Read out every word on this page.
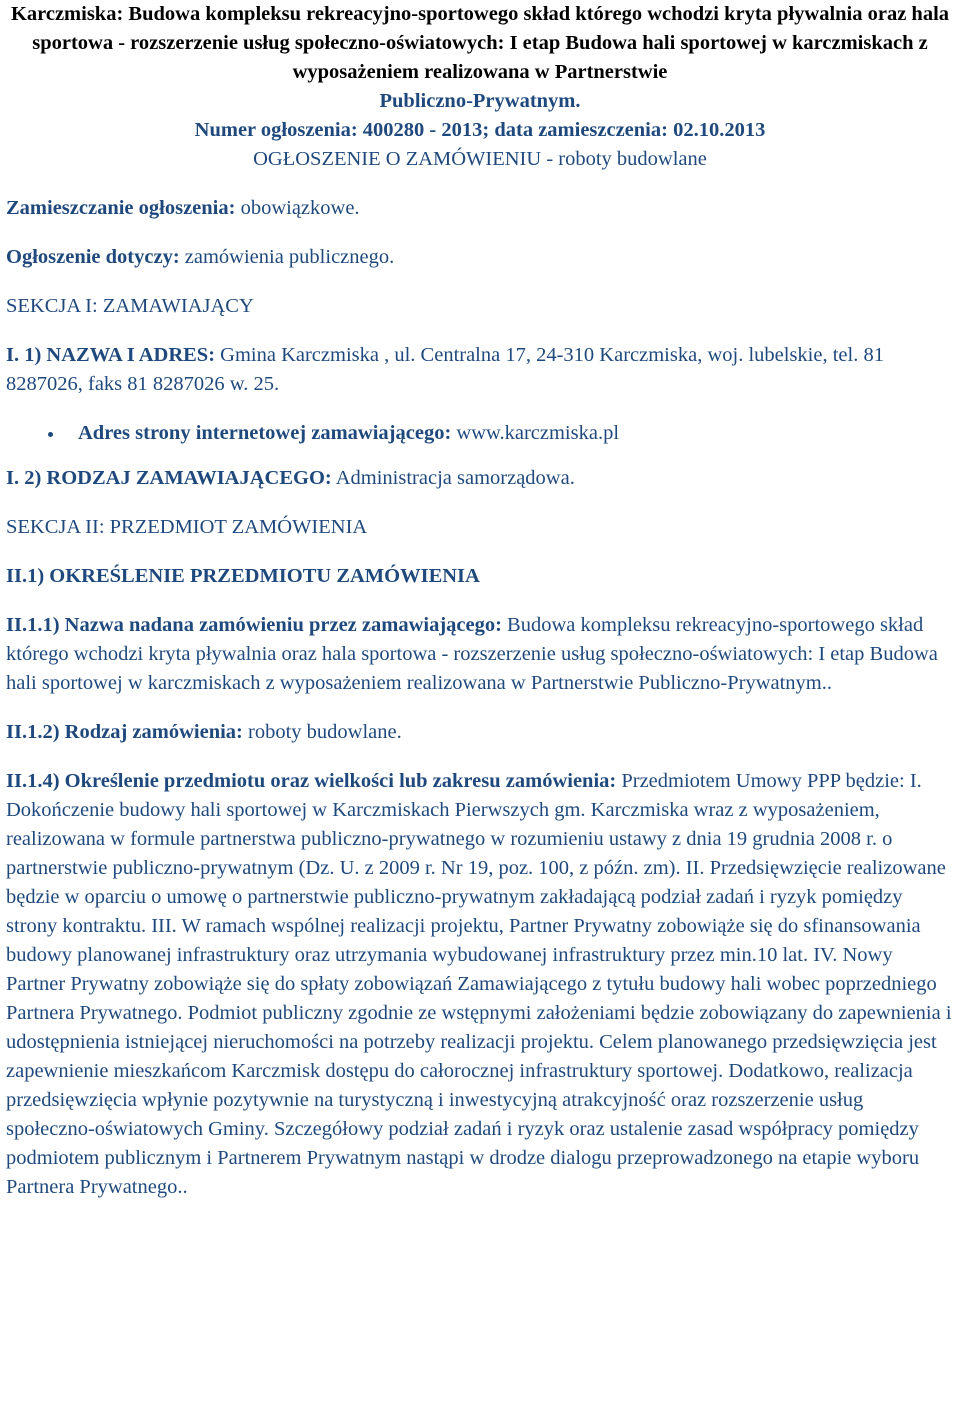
Karczmiska: Budowa kompleksu rekreacyjno-sportowego skład którego wchodzi kryta pływalnia oraz hala sportowa - rozszerzenie usług społeczno-oświatowych: I etap Budowa hali sportowej w karczmiskach z wyposażeniem realizowana w Partnerstwie

Publiczno-Prywatnym.

Numer ogłoszenia: 400280 - 2013; data zamieszczenia: 02.10.2013

OGŁOSZENIE O ZAMÓWIENIU - roboty budowlane

Zamieszczanie ogłoszenia: obowiązkowe.

Ogłoszenie dotyczy: zamówienia publicznego.

SEKCJA I: ZAMAWIAJĄCY

I. 1) NAZWA I ADRES: Gmina Karczmiska , ul. Centralna 17, 24-310 Karczmiska, woj. lubelskie, tel. 81 8287026, faks 81 8287026 w. 25.

Adres strony internetowej zamawiającego: www.karczmiska.pl

I. 2) RODZAJ ZAMAWIAJĄCEGO: Administracja samorządowa.

SEKCJA II: PRZEDMIOT ZAMÓWIENIA

II.1) OKREŚLENIE PRZEDMIOTU ZAMÓWIENIA

II.1.1) Nazwa nadana zamówieniu przez zamawiającego: Budowa kompleksu rekreacyjno-sportowego skład którego wchodzi kryta pływalnia oraz hala sportowa - rozszerzenie usług społeczno-oświatowych: I etap Budowa hali sportowej w karczmiskach z wyposażeniem realizowana w Partnerstwie Publiczno-Prywatnym..

II.1.2) Rodzaj zamówienia: roboty budowlane.

II.1.4) Określenie przedmiotu oraz wielkości lub zakresu zamówienia: Przedmiotem Umowy PPP będzie: I. Dokończenie budowy hali sportowej w Karczmiskach Pierwszych gm. Karczmiska wraz z wyposażeniem, realizowana w formule partnerstwa publiczno-prywatnego w rozumieniu ustawy z dnia 19 grudnia 2008 r. o partnerstwie publiczno-prywatnym (Dz. U. z 2009 r. Nr 19, poz. 100, z późn. zm). II. Przedsięwzięcie realizowane będzie w oparciu o umowę o partnerstwie publiczno-prywatnym zakładającą podział zadań i ryzyk pomiędzy strony kontraktu. III. W ramach wspólnej realizacji projektu, Partner Prywatny zobowiąże się do sfinansowania budowy planowanej infrastruktury oraz utrzymania wybudowanej infrastruktury przez min.10 lat. IV. Nowy Partner Prywatny zobowiąże się do spłaty zobowiązań Zamawiającego z tytułu budowy hali wobec poprzedniego Partnera Prywatnego. Podmiot publiczny zgodnie ze wstępnymi założeniami będzie zobowiązany do zapewnienia i udostępnienia istniejącej nieruchomości na potrzeby realizacji projektu. Celem planowanego przedsięwzięcia jest zapewnienie mieszkańcom Karczmisk dostępu do całorocznej infrastruktury sportowej. Dodatkowo, realizacja przedsięwzięcia wpłynie pozytywnie na turystyczną i inwestycyjną atrakcyjność oraz rozszerzenie usług społeczno-oświatowych Gminy. Szczegółowy podział zadań i ryzyk oraz ustalenie zasad współpracy pomiędzy podmiotem publicznym i Partnerem Prywatnym nastąpi w drodze dialogu przeprowadzonego na etapie wyboru Partnera Prywatnego..
